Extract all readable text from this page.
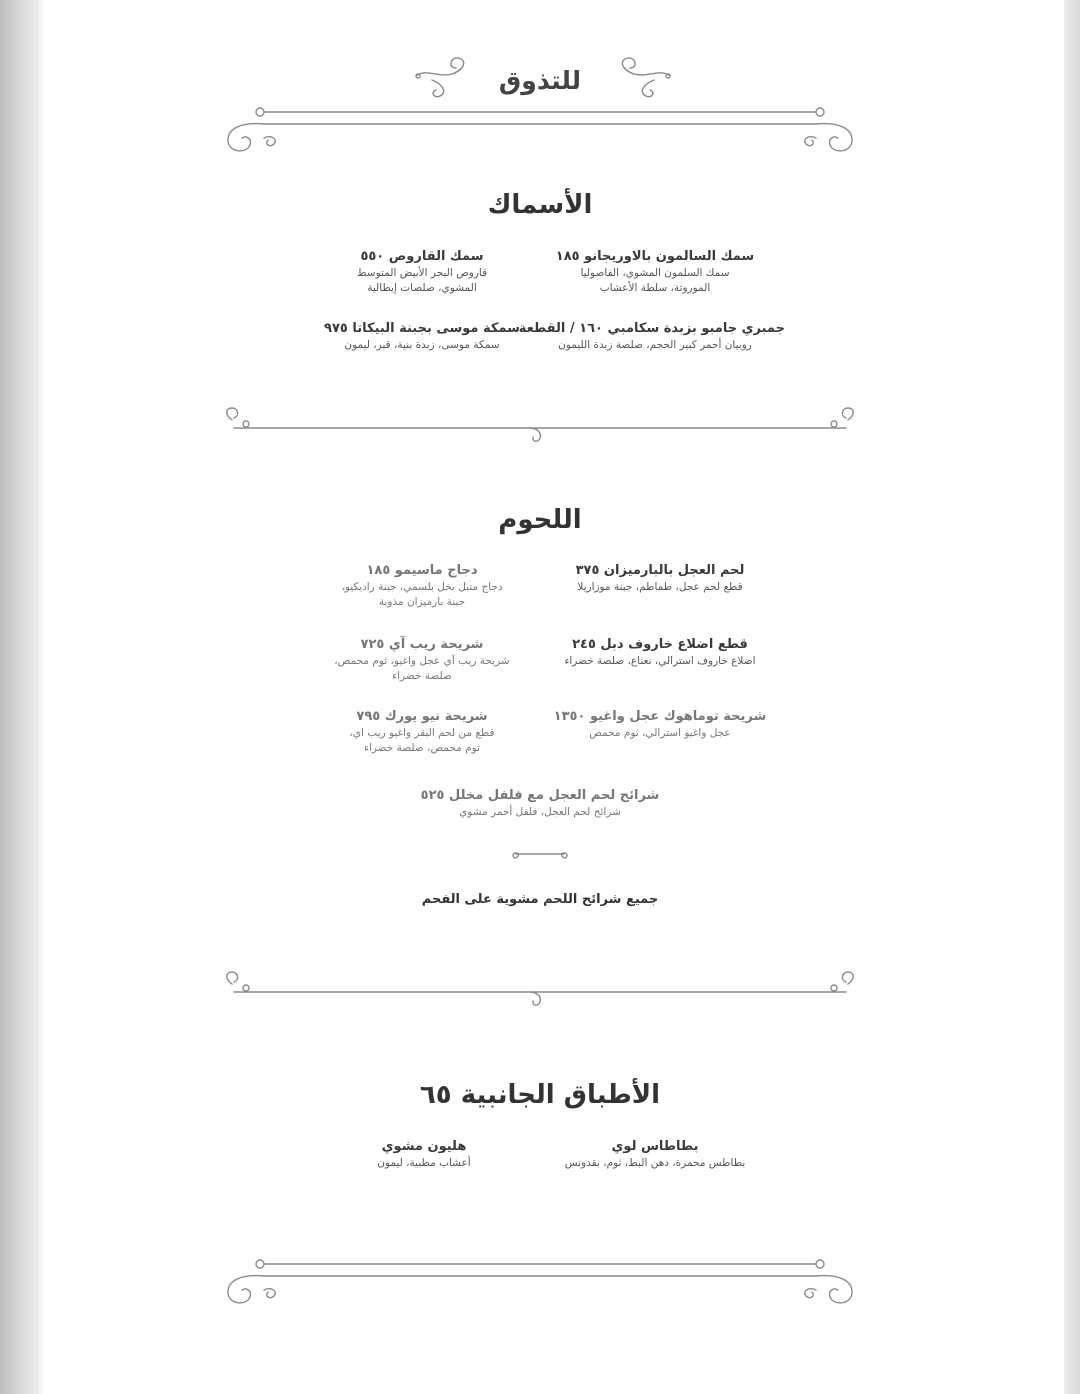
للتذوق
الأسماك
سمك السالمون بالاوريجانو ١٨٥
سمك السلمون المشوي، الفاصوليا الموروثة، سلطة الأعشاب
سمك القاروص ٥٥٠
قاروص البحر الأبيض المتوسط المشوي، صلصات إيطالية
جمبري جامبو بزبدة سكامبي ١٦٠ / القطعة
روبيان أحمر كبير الحجم، صلصة زبدة الليمون
سمكة موسى بجبنة البيكاتا ٩٧٥
سمكة موسى، زبدة بنية، قبر، ليمون
اللحوم
لحم العجل بالبارميزان ٣٧٥
قطع لحم عجل، طماطم، جبنة موزاريلا
دجاج ماسيمو ١٨٥
دجاج متبل بخل بلسمي، جبنة راديكيو، جبنة بارميزان مذوبة
قطع اضلاع خاروف دبل ٢٤٥
اضلاع خاروف استرالي، نعناع، صلصة خضراء
شريحة ريب آي ٧٢٥
شريحة ريب آي عجل واغيو، ثوم محمص، صلصة خضراء
شريحة توماهوك عجل واغيو ١٣٥٠
عجل واغيو استرالي، ثوم محمص
شريحة نيو يورك ٧٩٥
قطع من لحم البقر واغيو ريب اي، ثوم محمص، صلصة خضراء
شرائح لحم العجل مع فلفل مخلل ٥٢٥
شرائح لحم العجل، فلفل أحمر مشوي
جميع شرائح اللحم مشوية على الفحم
الأطباق الجانبية ٦٥
بطاطاس لوي
بطاطس محمرة، دهن البط، ثوم، بقدونس
هليون مشوي
أعشاب مطبية، ليمون
